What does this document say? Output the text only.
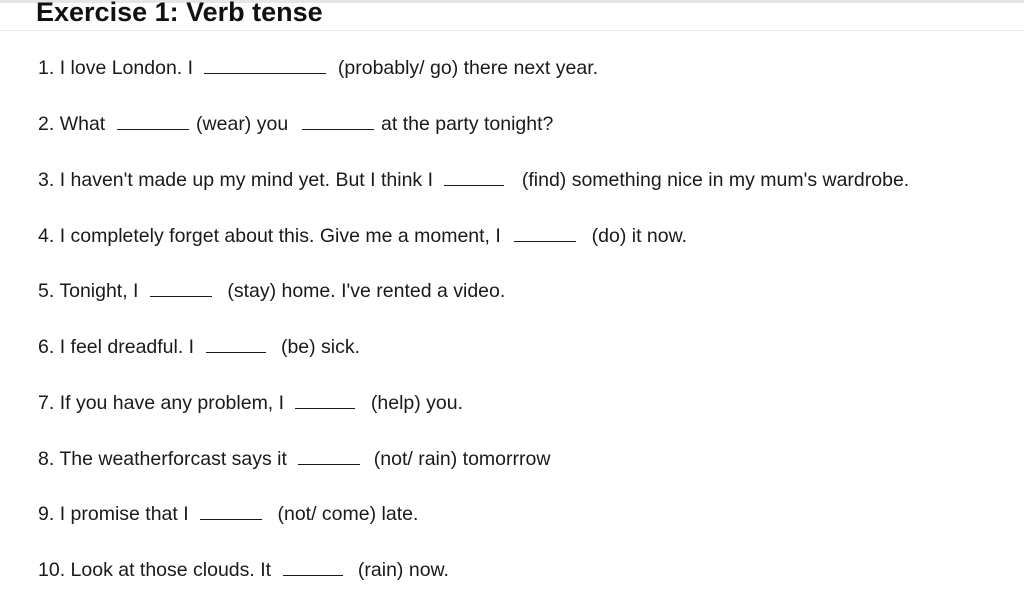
Exercise 1: Verb tense
1. I love London. I	(probably/ go) there next year.
2. What	(wear) you	at the party tonight?
3. I haven't made up my mind yet. But I think I	(find) something nice in my mum's wardrobe.
4. I completely forget about this. Give me a moment, I	(do) it now.
5. Tonight, I	(stay) home. I've rented a video.
6. I feel dreadful. I	(be) sick.
7. If you have any problem, I	(help) you.
8. The weatherforcast says it	(not/ rain) tomorrrow
9. I promise that I	(not/ come) late.
10. Look at those clouds. It	(rain) now.
